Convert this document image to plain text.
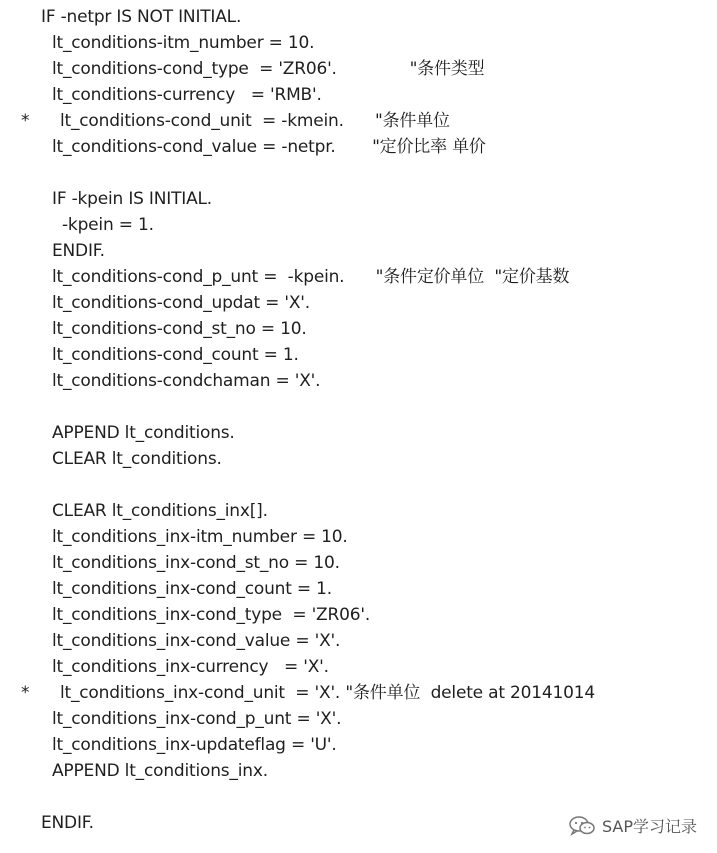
IF -netpr IS NOT INITIAL.
lt_conditions-itm_number = 10.
lt_conditions-cond_type  = 'ZR06'.              "条件类型
lt_conditions-currency   = 'RMB'.
* lt_conditions-cond_unit  = -kmein.      "条件单位
lt_conditions-cond_value = -netpr.       "定价比率 单价
IF -kpein IS INITIAL.
-kpein = 1.
ENDIF.
lt_conditions-cond_p_unt =  -kpein.      "条件定价单位  "定价基数
lt_conditions-cond_updat = 'X'.
lt_conditions-cond_st_no = 10.
lt_conditions-cond_count = 1.
lt_conditions-condchaman = 'X'.
APPEND lt_conditions.
CLEAR lt_conditions.
CLEAR lt_conditions_inx[].
lt_conditions_inx-itm_number = 10.
lt_conditions_inx-cond_st_no = 10.
lt_conditions_inx-cond_count = 1.
lt_conditions_inx-cond_type  = 'ZR06'.
lt_conditions_inx-cond_value = 'X'.
lt_conditions_inx-currency   = 'X'.
* lt_conditions_inx-cond_unit  = 'X'. "条件单位  delete at 20141014
lt_conditions_inx-cond_p_unt = 'X'.
lt_conditions_inx-updateflag = 'U'.
APPEND lt_conditions_inx.
ENDIF.	SAP学习记录
